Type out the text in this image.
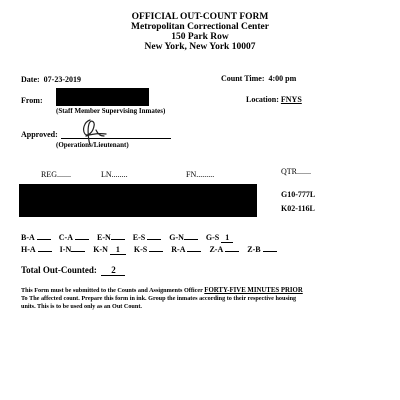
OFFICIAL OUT-COUNT FORM
Metropolitan Correctional Center
150 Park Row
New York, New York 10007
Date: 07-23-2019	Count Time: 4:00 pm
From:
(Staff Member Supervising Inmates)
Location: FNYS
Approved:
(Operations/Lieutenant)
REG.......	LN........	FN.........	QTR.......
G10-777L
K02-116L
B-A	C-A	E-N	E-S	G-N	G-S 1
H-A	I-N	K-N 1 K-S	R-A	Z-A	Z-B
Total Out-Counted: 2
This Form must be submitted to the Counts and Assignments Officer FORTY-FIVE MINUTES PRIOR
To The affected count. Prepare this form in ink. Group the inmates according to their respective housing
units. This is to be used only as an Out Count.
